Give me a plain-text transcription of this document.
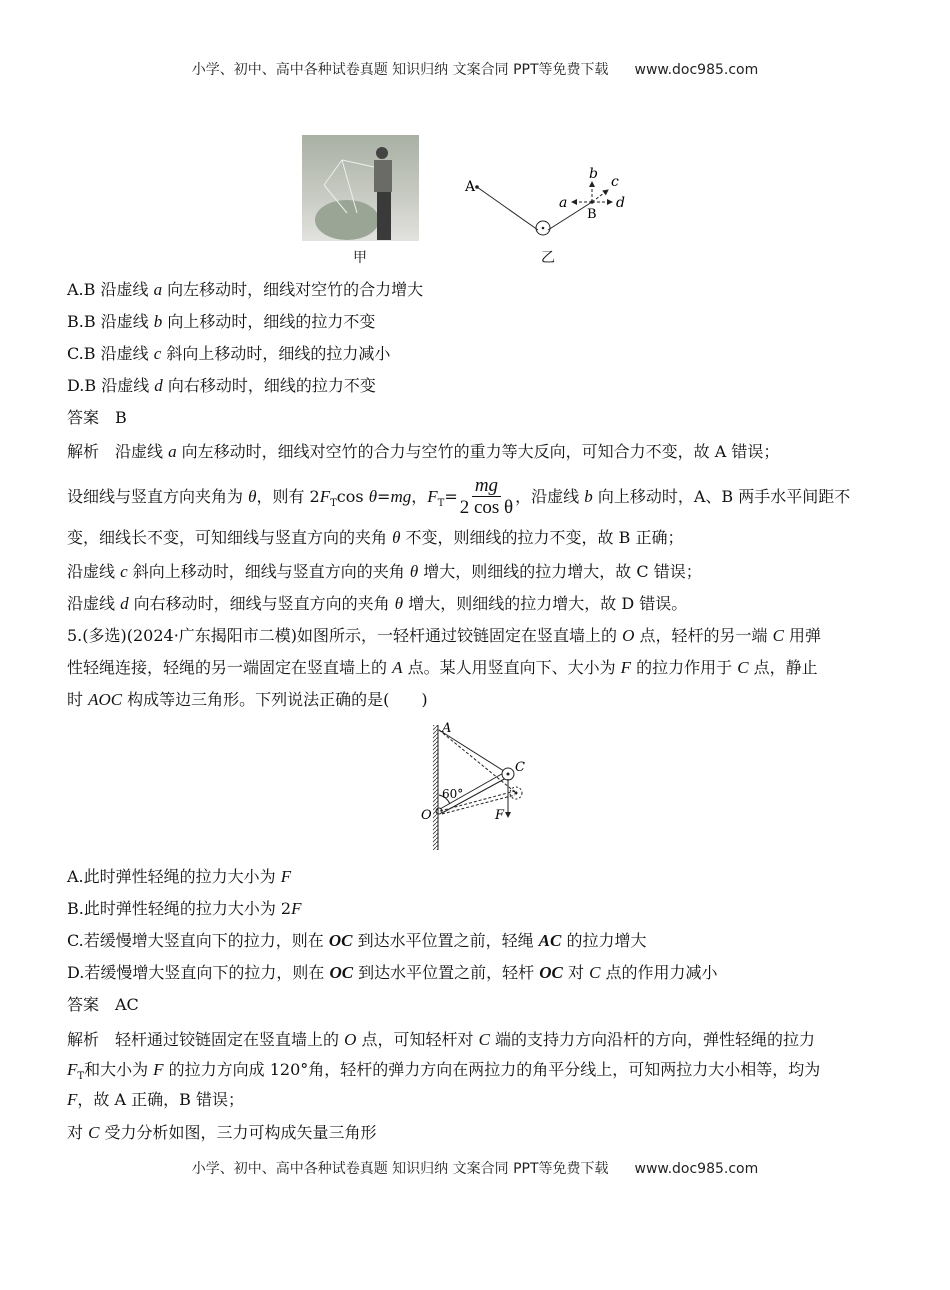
小学、初中、高中各种试卷真题 知识归纳 文案合同 PPT等免费下载 www.doc985.com
甲
A
B
a
b c
d
乙
A
C
O	F
60°
小学、初中、高中各种试卷真题 知识归纳 文案合同 PPT等免费下载 www.doc985.com
A.B 沿虚线 a 向左移动时，细线对空竹的合力增大
B.B 沿虚线 b 向上移动时，细线的拉力不变
C.B 沿虚线 c 斜向上移动时，细线的拉力减小
D.B 沿虚线 d 向右移动时，细线的拉力不变
答案　B
解析　沿虚线 a 向左移动时，细线对空竹的合力与空竹的重力等大反向，可知合力不变，故 A 错误；
设细线与竖直方向夹角为 θ，则有 $2F_T\cos$ θ=mg，$F_T= \frac{mg}{\text{2 cos θ}}$ ，沿虚线 b 向上移动时，A、B 两手水平间距不
变，细线长不变，可知细线与竖直方向的夹角 θ 不变，则细线的拉力不变，故 B 正确；
沿虚线 c 斜向上移动时，细线与竖直方向的夹角 θ 增大，则细线的拉力增大，故 C 错误；
沿虚线 d 向右移动时，细线与竖直方向的夹角 θ 增大，则细线的拉力增大，故 D 错误。
5.(多选)(2024·广东揭阳市二模)如图所示，一轻杆通过铰链固定在竖直墙上的 O 点，轻杆的另一端 C 用弹
性轻绳连接，轻绳的另一端固定在竖直墙上的 A 点。某人用竖直向下、大小为 F 的拉力作用于 C 点，静止
时 AOC 构成等边三角形。下列说法正确的是(　　)
A.此时弹性轻绳的拉力大小为 F
B.此时弹性轻绳的拉力大小为 2F
C.若缓慢增大竖直向下的拉力，则在 OC 到达水平位置之前，轻绳 AC 的拉力增大
D.若缓慢增大竖直向下的拉力，则在 OC 到达水平位置之前，轻杆 OC 对 C 点的作用力减小
答案　AC
解析　轻杆通过铰链固定在竖直墙上的 O 点，可知轻杆对 C 端的支持力方向沿杆的方向，弹性轻绳的拉力
$F_T$和大小为 F 的拉力方向成 120°角，轻杆的弹力方向在两拉力的角平分线上，可知两拉力大小相等，均为
F，故 A 正确，B 错误；
对 C 受力分析如图，三力可构成矢量三角形
